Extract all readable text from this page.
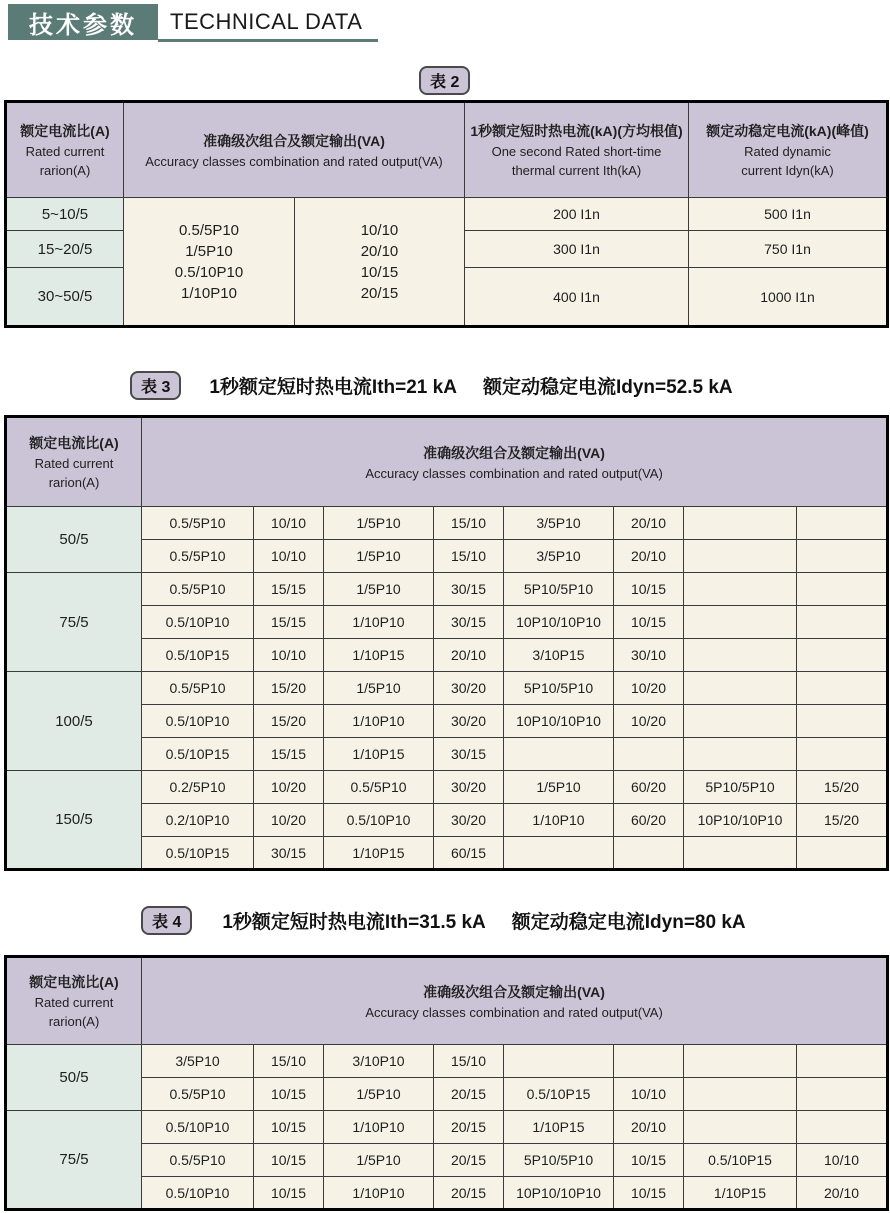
技术参数 TECHNICAL DATA
表 2
额定电流比(A)
Rated current
rarion(A)

准确级次组合及额定输出(VA)
Accuracy classes combination and rated output(VA)

1秒额定短时热电流(kA)(方均根值)
One second Rated short-time
thermal current Ith(kA)

额定动稳定电流(kA)(峰值)
Rated dynamic
current Idyn(kA)

5~10/5	
0.5/5P10
1/5P10
0.5/10P10
1/10P10

10/10
20/10
10/15
20/15
	200 I1n	500 I1n
15~20/5			300 I1n	750 I1n
30~50/5			400 I1n	1000 I1n
表 3	1秒额定短时热电流Ith=21 kA 额定动稳定电流Idyn=52.5 kA
额定电流比(A)
Rated current
rarion(A)

准确级次组合及额定输出(VA)
Accuracy classes combination and rated output(VA)

50/5	0.5/5P10	10/10	1/5P10	15/10	3/5P10	20/10		
	0.5/5P10	10/10	1/5P10	15/10	3/5P10	20/10		
75/5	0.5/5P10	15/15	1/5P10	30/15	5P10/5P10	10/15		
	0.5/10P10	15/15	1/10P10	30/15	10P10/10P10	10/15		
	0.5/10P15	10/10	1/10P15	20/10	3/10P15	30/10		
100/5	0.5/5P10	15/20	1/5P10	30/20	5P10/5P10	10/20		
	0.5/10P10	15/20	1/10P10	30/20	10P10/10P10	10/20		
	0.5/10P15	15/15	1/10P15	30/15				
150/5	0.2/5P10	10/20	0.5/5P10	30/20	1/5P10	60/20	5P10/5P10	15/20
	0.2/10P10	10/20	0.5/10P10	30/20	1/10P10	60/20	10P10/10P10	15/20
	0.5/10P15	30/15	1/10P15	60/15				
表 4	1秒额定短时热电流Ith=31.5 kA 额定动稳定电流Idyn=80 kA
额定电流比(A)
Rated current
rarion(A)

准确级次组合及额定输出(VA)
Accuracy classes combination and rated output(VA)

50/5	3/5P10	15/10	3/10P10	15/10				
	0.5/5P10	10/15	1/5P10	20/15	0.5/10P15	10/10		
75/5	0.5/10P10	10/15	1/10P10	20/15	1/10P15	20/10		
	0.5/5P10	10/15	1/5P10	20/15	5P10/5P10	10/15	0.5/10P15	10/10
	0.5/10P10	10/15	1/10P10	20/15	10P10/10P10	10/15	1/10P15	20/10
